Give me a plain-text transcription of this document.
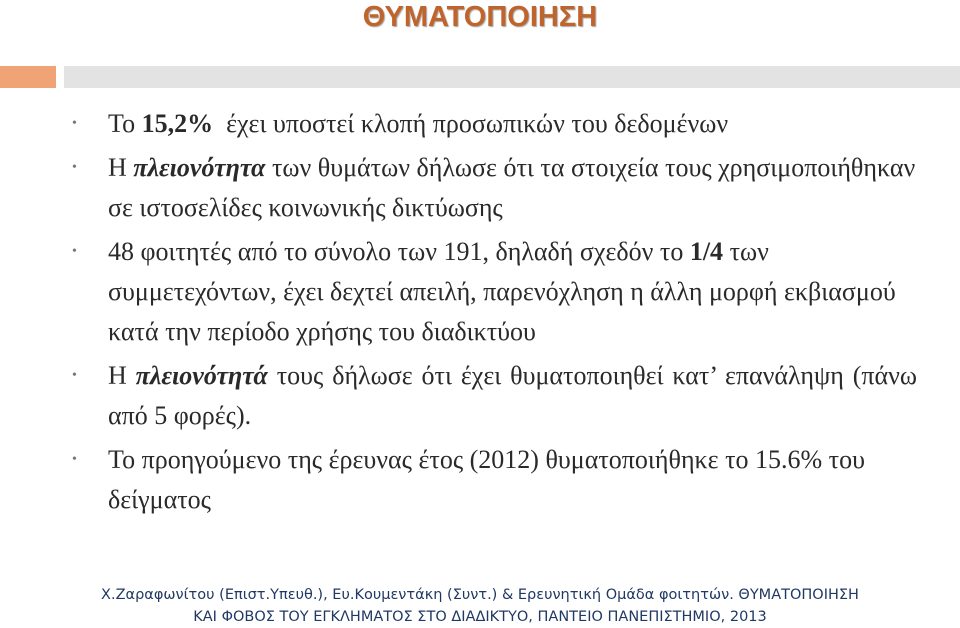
ΘΥΜΑΤΟΠΟΙΗΣΗ
• Το 15,2%  έχει υποστεί κλοπή προσωπικών του δεδομένων
• Η πλειονότητα των θυμάτων δήλωσε ότι τα στοιχεία τους χρησιμοποιήθηκαν σε ιστοσελίδες κοινωνικής δικτύωσης
• 48 φοιτητές από το σύνολο των 191, δηλαδή σχεδόν το 1/4 των συμμετεχόντων, έχει δεχτεί απειλή, παρενόχληση η άλλη μορφή εκβιασμού κατά την περίοδο χρήσης του διαδικτύου
• Η πλειονότητά τους δήλωσε ότι έχει θυματοποιηθεί κατ’ επανάληψη (πάνω από 5 φορές).
• Το προηγούμενο της έρευνας έτος (2012) θυματοποιήθηκε το 15.6% του δείγματος
Χ.Ζαραφωνίτου (Επιστ.Υπευθ.), Ευ.Κουμεντάκη (Συντ.) & Ερευνητική Ομάδα φοιτητών. ΘΥΜΑΤΟΠΟΙΗΣΗ
ΚΑΙ ΦΟΒΟΣ ΤΟΥ ΕΓΚΛΗΜΑΤΟΣ ΣΤΟ ΔΙΑΔΙΚΤΥΟ, ΠΑΝΤΕΙΟ ΠΑΝΕΠΙΣΤΗΜΙΟ, 2013
